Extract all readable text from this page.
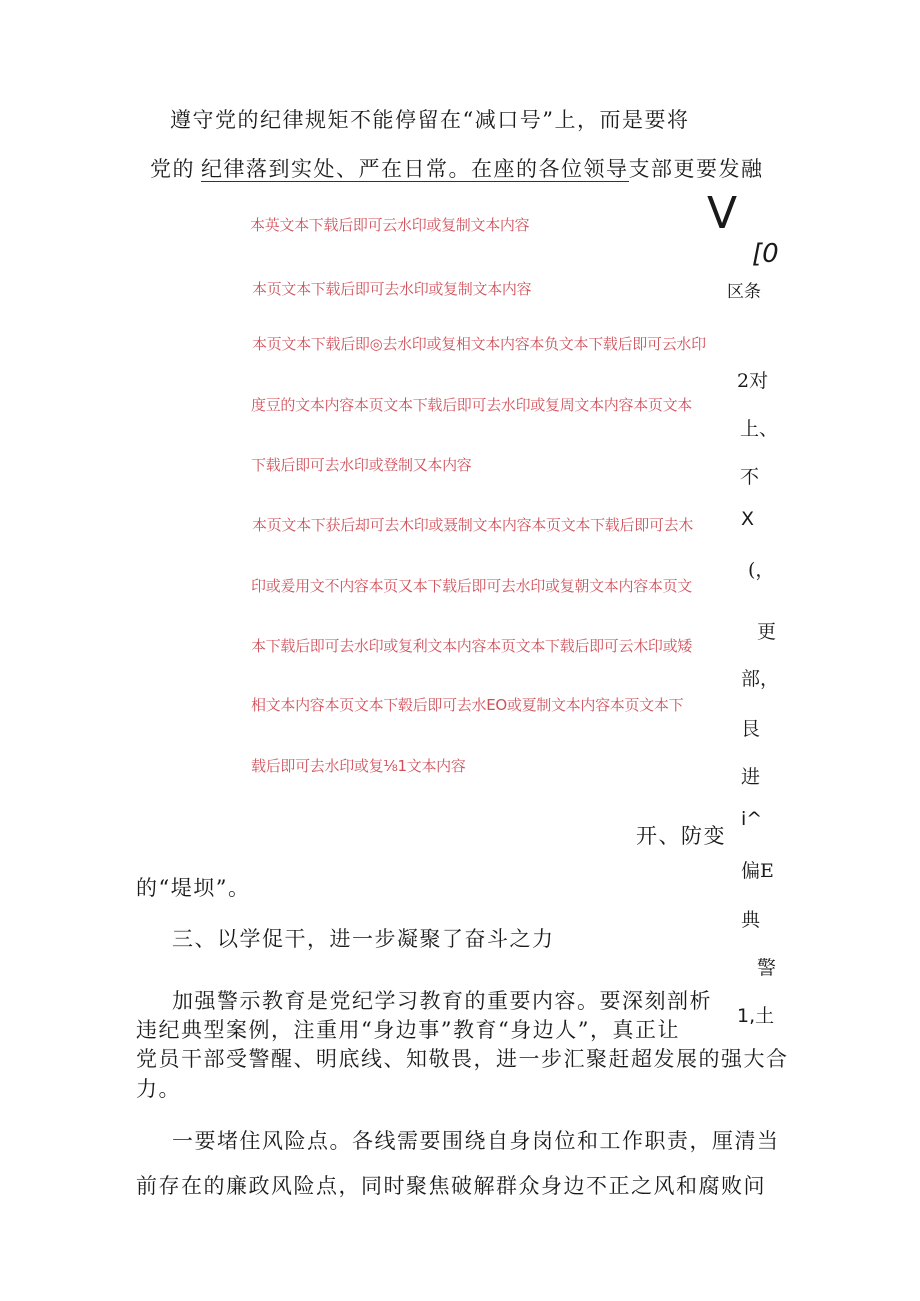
遵守党的纪律规矩不能停留在“减口号”上，而是要将
党的 纪律落到实处、严在日常。在座的各位领导支部更要发融
V
[0
区条
2对
上、
不
X
(，
更
部，
艮
进
i^
偏E
典
警
1,土
本英文本下载后即可云水印或复制文本内容
本页文本下载后即可去水印或复制文本内容
本页文本下载后即◎去水印或复相文本内容本负文本下载后即可云水印
度豆的文本内容本页文本下载后即可去水印或复周文本内容本页文本
下载后即可去水印或登制又本内容
本页文本下获后却可去木印或聂制文本内容本页文本下载后即可去木
印或爰用文不内容本页又本下载后即可去水印或复朝文本内容本页文
本下载后即可去水印或复利文本内容本页文本下载后即可云木印或矮
相文本内容本页文本下毂后即可去水EO或夏制文本内容本页文本下
载后即可去水印或复⅛1文本内容
开、防变
的“堤坝”。
三、以学促干，进一步凝聚了奋斗之力
加强警示教育是党纪学习教育的重要内容。要深刻剖析
违纪典型案例，注重用“身边事”教育“身边人”，真正让
党员干部受警醒、明底线、知敬畏，进一步汇聚赶超发展的强大合
力。
一要堵住风险点。各线需要围绕自身岗位和工作职责，厘清当
前存在的廉政风险点，同时聚焦破解群众身边不正之风和腐败问
